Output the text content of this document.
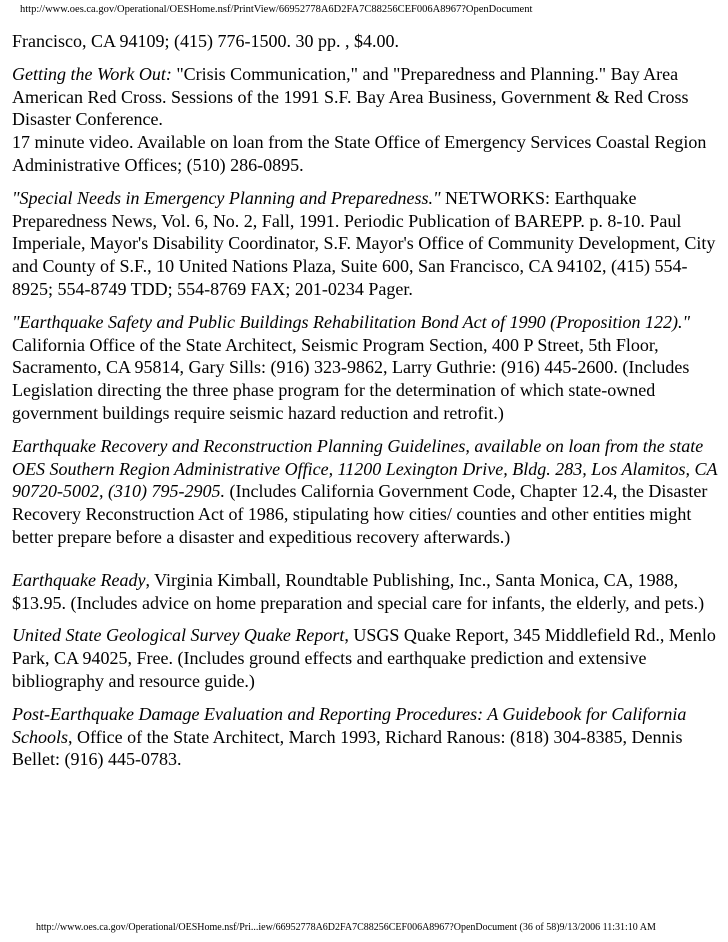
http://www.oes.ca.gov/Operational/OESHome.nsf/PrintView/66952778A6D2FA7C88256CEF006A8967?OpenDocument

Francisco, CA 94109; (415) 776-1500. 30 pp. , $4.00.

Getting the Work Out: "Crisis Communication," and "Preparedness and Planning." Bay Area American Red Cross. Sessions of the 1991 S.F. Bay Area Business, Government & Red Cross Disaster Conference.
17 minute video. Available on loan from the State Office of Emergency Services Coastal Region Administrative Offices; (510) 286-0895.

"Special Needs in Emergency Planning and Preparedness." NETWORKS: Earthquake Preparedness News, Vol. 6, No. 2, Fall, 1991. Periodic Publication of BAREPP. p. 8-10. Paul Imperiale, Mayor's Disability Coordinator, S.F. Mayor's Office of Community Development, City and County of S.F., 10 United Nations Plaza, Suite 600, San Francisco, CA 94102, (415) 554-8925; 554-8749 TDD; 554-8769 FAX; 201-0234 Pager.

"Earthquake Safety and Public Buildings Rehabilitation Bond Act of 1990 (Proposition 122)." California Office of the State Architect, Seismic Program Section, 400 P Street, 5th Floor, Sacramento, CA 95814, Gary Sills: (916) 323-9862, Larry Guthrie: (916) 445-2600. (Includes Legislation directing the three phase program for the determination of which state-owned government buildings require seismic hazard reduction and retrofit.)

Earthquake Recovery and Reconstruction Planning Guidelines, available on loan from the state OES Southern Region Administrative Office, 11200 Lexington Drive, Bldg. 283, Los Alamitos, CA 90720-5002, (310) 795-2905. (Includes California Government Code, Chapter 12.4, the Disaster Recovery Reconstruction Act of 1986, stipulating how cities/ counties and other entities might better prepare before a disaster and expeditious recovery afterwards.)

Earthquake Ready, Virginia Kimball, Roundtable Publishing, Inc., Santa Monica, CA, 1988, $13.95. (Includes advice on home preparation and special care for infants, the elderly, and pets.)

United State Geological Survey Quake Report, USGS Quake Report, 345 Middlefield Rd., Menlo Park, CA 94025, Free. (Includes ground effects and earthquake prediction and extensive bibliography and resource guide.)

Post-Earthquake Damage Evaluation and Reporting Procedures: A Guidebook for California Schools, Office of the State Architect, March 1993, Richard Ranous: (818) 304-8385, Dennis Bellet: (916) 445-0783.

http://www.oes.ca.gov/Operational/OESHome.nsf/Pri...iew/66952778A6D2FA7C88256CEF006A8967?OpenDocument (36 of 58)9/13/2006 11:31:10 AM
